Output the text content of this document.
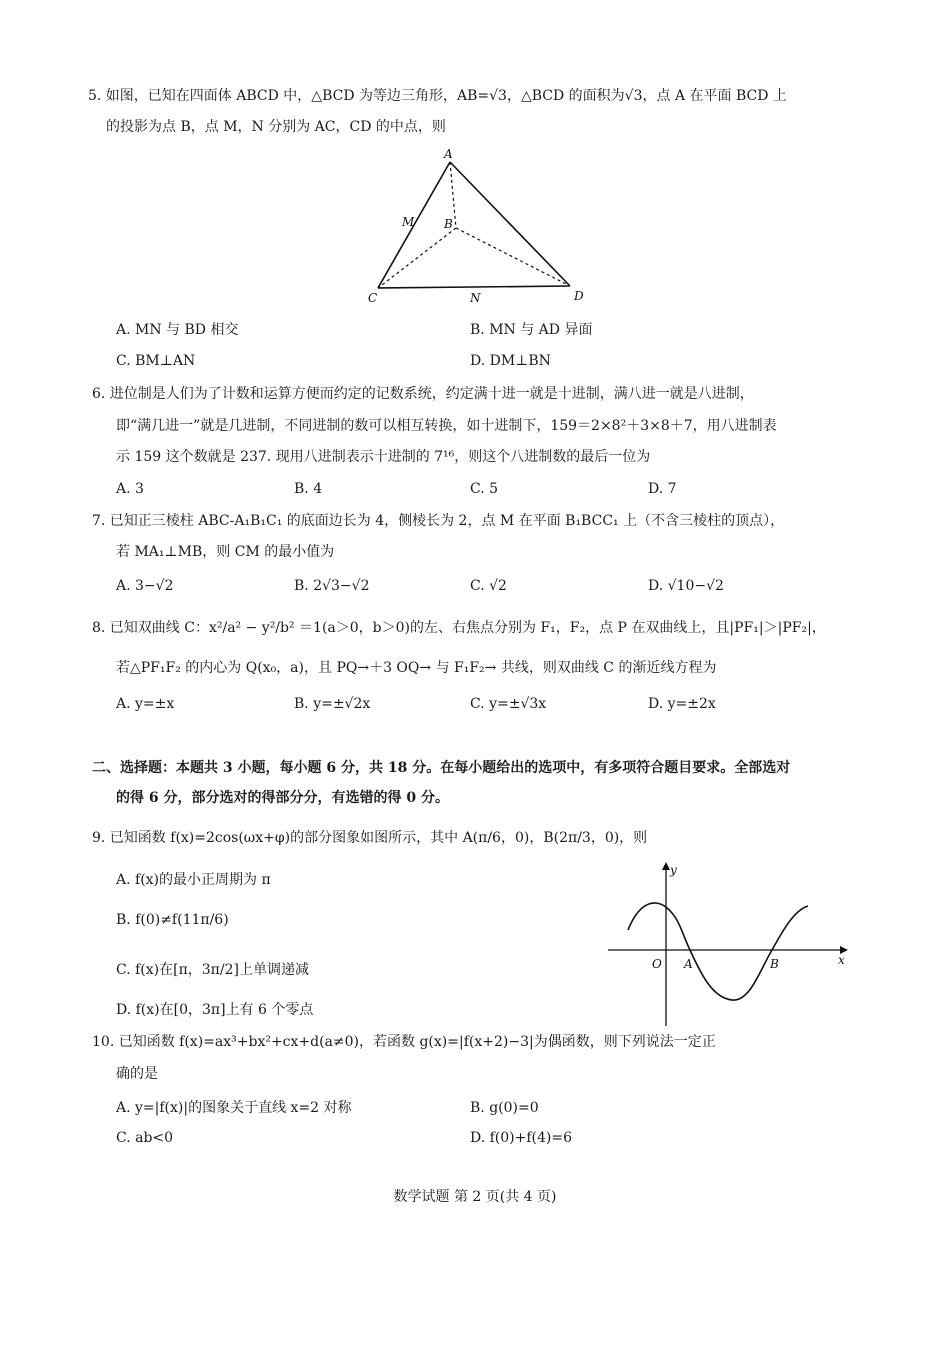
5. 如图，已知在四面体 ABCD 中，△BCD 为等边三角形，AB=√3，△BCD 的面积为√3，点 A 在平面 BCD 上
的投影为点 B，点 M，N 分别为 AC，CD 的中点，则
A
B
C	D
M
N
A. MN 与 BD 相交	B. MN 与 AD 异面
C. BM⊥AN	D. DM⊥BN
6. 进位制是人们为了计数和运算方便而约定的记数系统，约定满十进一就是十进制，满八进一就是八进制，
即“满几进一”就是几进制，不同进制的数可以相互转换，如十进制下，159＝2×8²＋3×8＋7，用八进制表
示 159 这个数就是 237. 现用八进制表示十进制的 7¹⁶，则这个八进制数的最后一位为
A. 3	B. 4	C. 5	D. 7
7. 已知正三棱柱 ABC-A₁B₁C₁ 的底面边长为 4，侧棱长为 2，点 M 在平面 B₁BCC₁ 上（不含三棱柱的顶点），
若 MA₁⊥MB，则 CM 的最小值为
A. 3−√2	B. 2√3−√2	C. √2	D. √10−√2
8. 已知双曲线 C：x²/a² − y²/b² ＝1(a＞0，b＞0)的左、右焦点分别为 F₁，F₂，点 P 在双曲线上，且|PF₁|＞|PF₂|，
若△PF₁F₂ 的内心为 Q(x₀，a)，且 PQ→＋3 OQ→ 与 F₁F₂→ 共线，则双曲线 C 的渐近线方程为
A. y=±x	B. y=±√2x	C. y=±√3x	D. y=±2x
二、选择题：本题共 3 小题，每小题 6 分，共 18 分。在每小题给出的选项中，有多项符合题目要求。全部选对
的得 6 分，部分选对的得部分分，有选错的得 0 分。
9. 已知函数 f(x)=2cos(ωx+φ)的部分图象如图所示，其中 A(π/6，0)，B(2π/3，0)，则
A. f(x)的最小正周期为 π
B. f(0)≠f(11π/6)
C. f(x)在[π，3π/2]上单调递减
D. f(x)在[0，3π]上有 6 个零点
y
x
O A	B
10. 已知函数 f(x)=ax³+bx²+cx+d(a≠0)，若函数 g(x)=|f(x+2)−3|为偶函数，则下列说法一定正
确的是
A. y=|f(x)|的图象关于直线 x=2 对称	B. g(0)=0
C. ab<0	D. f(0)+f(4)=6
数学试题 第 2 页(共 4 页)
